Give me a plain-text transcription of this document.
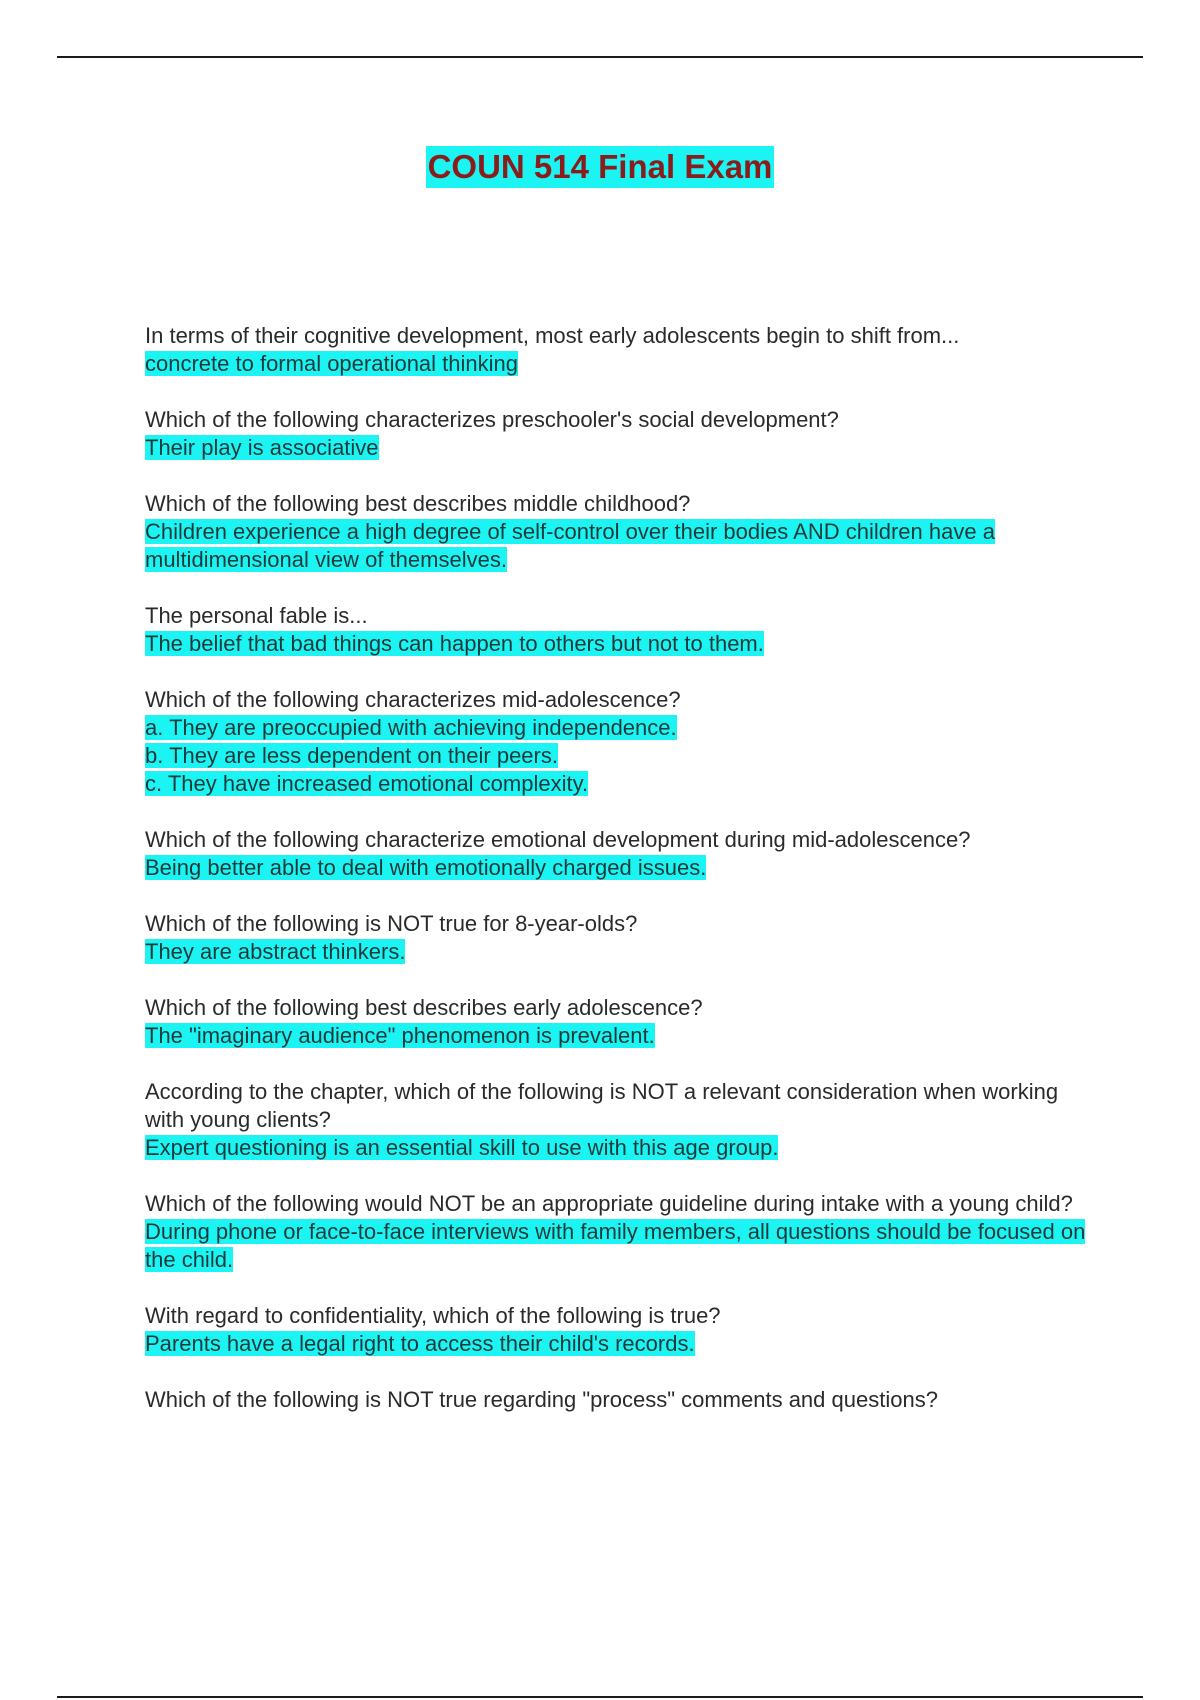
COUN 514 Final Exam
In terms of their cognitive development, most early adolescents begin to shift from...
concrete to formal operational thinking
Which of the following characterizes preschooler's social development?
Their play is associative
Which of the following best describes middle childhood?
Children experience a high degree of self-control over their bodies AND children have a multidimensional view of themselves.
The personal fable is...
The belief that bad things can happen to others but not to them.
Which of the following characterizes mid-adolescence?
a. They are preoccupied with achieving independence.
b. They are less dependent on their peers.
c. They have increased emotional complexity.
Which of the following characterize emotional development during mid-adolescence?
Being better able to deal with emotionally charged issues.
Which of the following is NOT true for 8-year-olds?
They are abstract thinkers.
Which of the following best describes early adolescence?
The "imaginary audience" phenomenon is prevalent.
According to the chapter, which of the following is NOT a relevant consideration when working with young clients?
Expert questioning is an essential skill to use with this age group.
Which of the following would NOT be an appropriate guideline during intake with a young child?
During phone or face-to-face interviews with family members, all questions should be focused on the child.
With regard to confidentiality, which of the following is true?
Parents have a legal right to access their child's records.
Which of the following is NOT true regarding "process" comments and questions?
